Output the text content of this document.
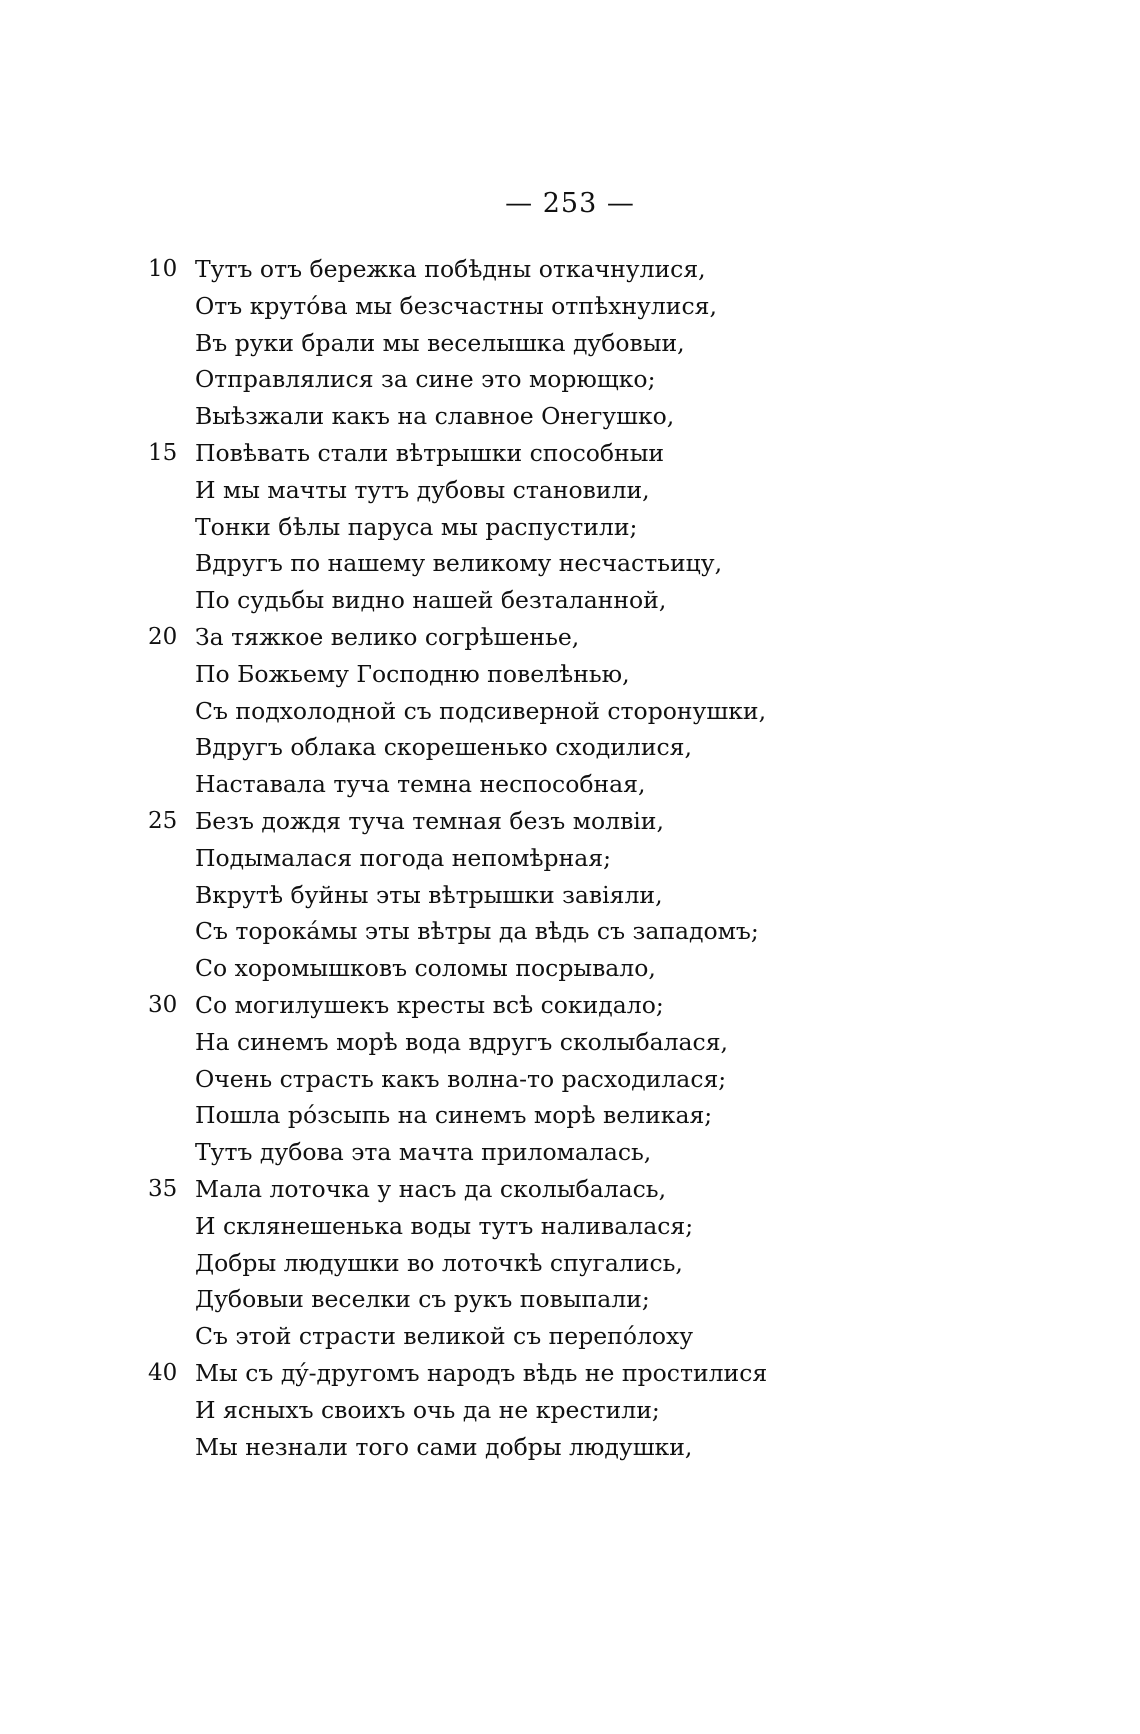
— 253 —
10 Тутъ отъ бережка побѣдны откачнулися,
Отъ крутóва мы безсчастны отпѣхнулися,
Въ руки брали мы веселышка дубовыи,
Отправлялися за сине это морющко;
Выѣзжали какъ на славное Онегушко,
15 Повѣвать стали вѣтрышки способныи
И мы мачты тутъ дубовы становили,
Тонки бѣлы паруса мы распустили;
Вдругъ по нашему великому несчастьицу,
По судьбы видно нашей безталанной,
20 За тяжкое велико согрѣшенье,
По Божьему Господню повелѣнью,
Съ подхолодной съ подсиверной сторонушки,
Вдругъ облака скорешенько сходилися,
Наставала туча темна неспособная,
25 Безъ дождя туча темная безъ молвіи,
Подымалася погода непомѣрная;
Вкрутѣ буйны эты вѣтрышки завіяли,
Съ торокáмы эты вѣтры да вѣдь съ западомъ;
Со хоромышковъ соломы посрывало,
30 Со могилушекъ кресты всѣ сокидало;
На синемъ морѣ вода вдругъ сколыбалася,
Очень страсть какъ волна-то расходилася;
Пошла рóзсыпь на синемъ морѣ великая;
Тутъ дубова эта мачта приломалась,
35 Мала лоточка у насъ да сколыбалась,
И склянешенька воды тутъ наливалася;
Добры людушки во лоточкѣ спугались,
Дубовыи веселки съ рукъ повыпали;
Съ этой страсти великой съ перепóлоху
40 Мы съ дý-другомъ народъ вѣдь не простилися
И ясныхъ своихъ очь да не крестили;
Мы незнали того сами добры людушки,
